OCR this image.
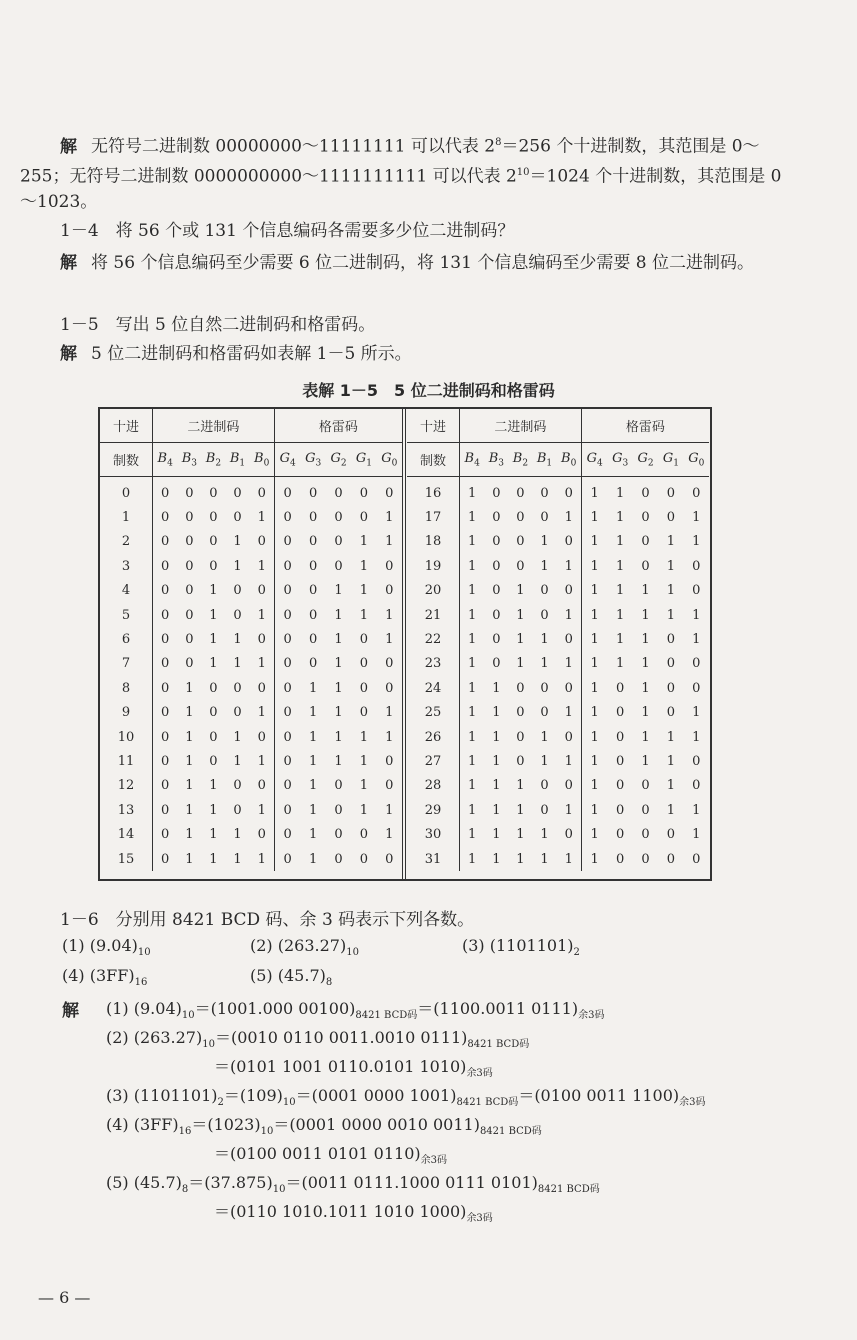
解 无符号二进制数 00000000～11111111 可以代表 $2^8=256$ 个十进制数，其范围是 0～255；无符号二进制数 0000000000～1111111111 可以代表 $2^{10}=1024$ 个十进制数，其范围是 0～1023。
1－4　将 56 个或 131 个信息编码各需要多少位二进制码？
解 将 56 个信息编码至少需要 6 位二进制码，将 131 个信息编码至少需要 8 位二进制码。
1－5　写出 5 位自然二进制码和格雷码。
解 5 位二进制码和格雷码如表解 1－5 所示。
表解 1－5　5 位二进制码和格雷码
十进	二进制码					格雷码				
制数	$B_4$	$B_3$	$B_2$	$B_1$	$B_0$	$G_4$	$G_3$	$G_2$	$G_1$	$G_0$
0	0	0	0	0	0	0	0	0	0	0
1	0	0	0	0	1	0	0	0	0	1
2	0	0	0	1	0	0	0	0	1	1
3	0	0	0	1	1	0	0	0	1	0
4	0	0	1	0	0	0	0	1	1	0
5	0	0	1	0	1	0	0	1	1	1
6	0	0	1	1	0	0	0	1	0	1
7	0	0	1	1	1	0	0	1	0	0
8	0	1	0	0	0	0	1	1	0	0
9	0	1	0	0	1	0	1	1	0	1
10	0	1	0	1	0	0	1	1	1	1
11	0	1	0	1	1	0	1	1	1	0
12	0	1	1	0	0	0	1	0	1	0
13	0	1	1	0	1	0	1	0	1	1
14	0	1	1	1	0	0	1	0	0	1
15	0	1	1	1	1	0	1	0	0	0
十进	二进制码					格雷码				
制数	$B_4$	$B_3$	$B_2$	$B_1$	$B_0$	$G_4$	$G_3$	$G_2$	$G_1$	$G_0$
16	1	0	0	0	0	1	1	0	0	0
17	1	0	0	0	1	1	1	0	0	1
18	1	0	0	1	0	1	1	0	1	1
19	1	0	0	1	1	1	1	0	1	0
20	1	0	1	0	0	1	1	1	1	0
21	1	0	1	0	1	1	1	1	1	1
22	1	0	1	1	0	1	1	1	0	1
23	1	0	1	1	1	1	1	1	0	0
24	1	1	0	0	0	1	0	1	0	0
25	1	1	0	0	1	1	0	1	0	1
26	1	1	0	1	0	1	0	1	1	1
27	1	1	0	1	1	1	0	1	1	0
28	1	1	1	0	0	1	0	0	1	0
29	1	1	1	0	1	1	0	0	1	1
30	1	1	1	1	0	1	0	0	0	1
31	1	1	1	1	1	1	0	0	0	0
1－6　分别用 8421 BCD 码、余 3 码表示下列各数。
(1) $(9.04)_{10}$	(2) $(263.27)_{10}$	(3) $(1101101)_2$
(4) $(3FF)_{16}$	(5) $(45.7)_8$
解 (1) $(9.04)_{10}=(1001.000$ $00100)_{8421 BCD码}=(1100.0011$ $0111)_{余3码}$
(2) $(263.27)_{10}=(0010$ 0110 0011.0010 $0111)_{8421 BCD码}$
＝(0101 1001 0110.0101 $1010)_{余3码}$
(3) $(1101101)_2=(109)_{10}=(0001$ 0000 $1001)_{8421 BCD码}=(0100$ 0011 $1100)_{余3码}$
(4) $(3FF)_{16}=(1023)_{10}=(0001$ 0000 0010 $0011)_{8421 BCD码}$
＝(0100 0011 0101 $0110)_{余3码}$
(5) $(45.7)_8=(37.875)_{10}=(0011$ 0111.1000 0111 $0101)_{8421 BCD码}$
＝(0110 1010.1011 1010 $1000)_{余3码}$
— 6 —
